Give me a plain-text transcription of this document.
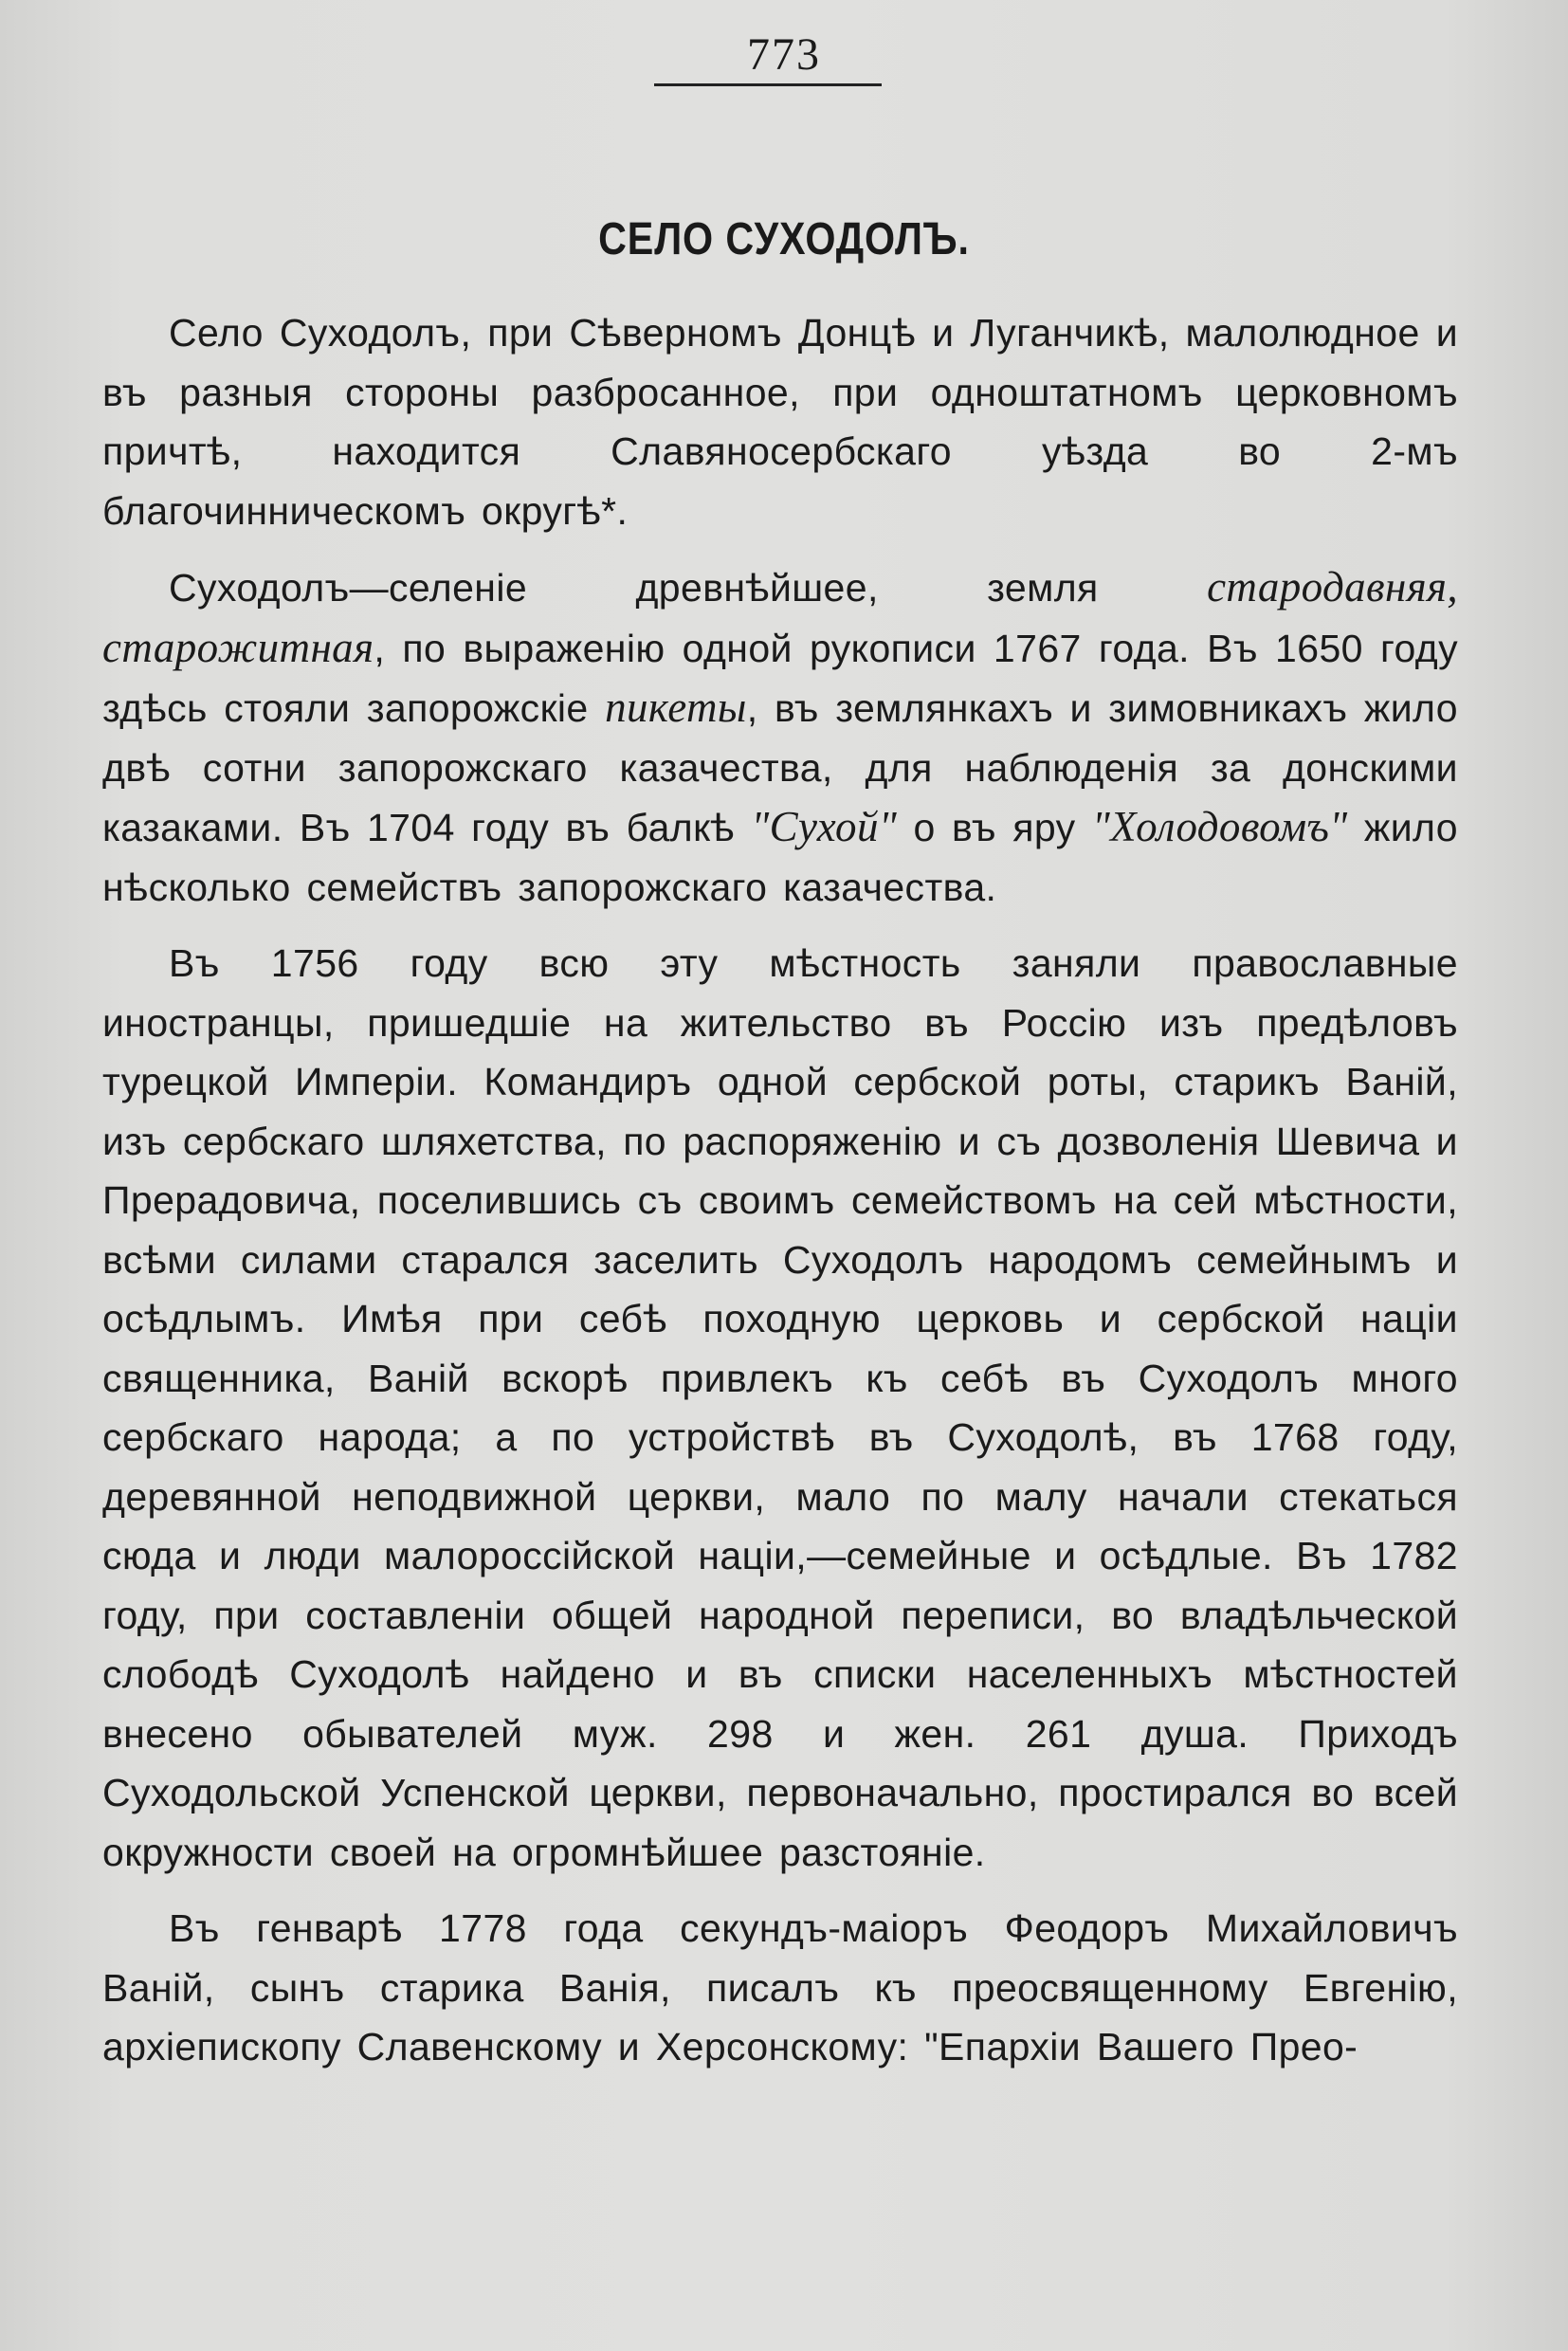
773
СЕЛО СУХОДОЛЪ.

Село Суходолъ, при Сѣверномъ Донцѣ и Луганчикѣ, малолюдное и въ разныя стороны разбросанное, при одноштатномъ церковномъ причтѣ, находится Славяносербскаго уѣзда во 2-мъ благочинническомъ округѣ*.

Суходолъ—селеніе древнѣйшее, земля стародавняя, старожитная, по выраженію одной рукописи 1767 года. Въ 1650 году здѣсь стояли запорожскіе пикеты, въ землянкахъ и зимовникахъ жило двѣ сотни запорожскаго казачества, для наблюденія за донскими казаками. Въ 1704 году въ балкѣ "Сухой" о въ яру "Холодовомъ" жило нѣсколько семействъ запорожскаго казачества.

Въ 1756 году всю эту мѣстность заняли православные иностранцы, пришедшіе на жительство въ Россію изъ предѣловъ турецкой Имперіи. Командиръ одной сербской роты, старикъ Ваній, изъ сербскаго шляхетства, по распоряженію и съ дозволенія Шевича и Прерадовича, поселившись съ своимъ семействомъ на сей мѣстности, всѣми силами старался заселить Суходолъ народомъ семейнымъ и осѣдлымъ. Имѣя при себѣ походную церковь и сербской націи священника, Ваній вскорѣ привлекъ къ себѣ въ Суходолъ много сербскаго народа; а по устройствѣ въ Суходолѣ, въ 1768 году, деревянной неподвижной церкви, мало по малу начали стекаться сюда и люди малороссійской націи,—семейные и осѣдлые. Въ 1782 году, при составленіи общей народной переписи, во владѣльческой слободѣ Суходолѣ найдено и въ списки населенныхъ мѣстностей внесено обывателей муж. 298 и жен. 261 душа. Приходъ Суходольской Успенской церкви, первоначально, простирался во всей окружности своей на огромнѣйшее разстояніе.

Въ генварѣ 1778 года секундъ-маіоръ Феодоръ Михайловичъ Ваній, сынъ старика Ванія, писалъ къ преосвященному Евгенію, архіепископу Славенскому и Херсонскому: "Епархіи Вашего Прео-
